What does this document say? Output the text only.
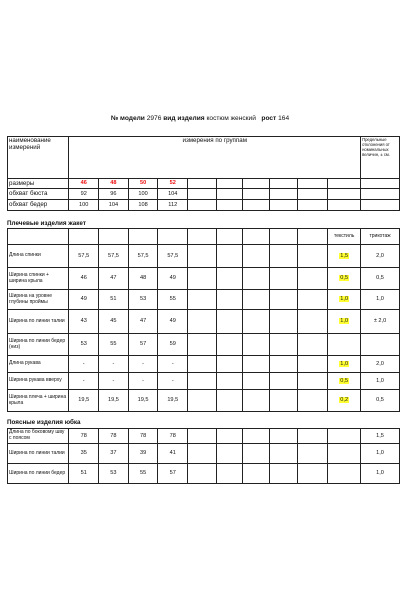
№ модели 2976 вид изделия костюм женский рост 164
наименование измерений	измерения по группам										Предельные отклонения от номинальных величин, ± см.
размеры	46	48	50	52							
обхват бюста	92	96	100	104							
обхват бедер	100	104	108	112							
Плечевые изделия жакет
										текстиль	трикотаж
Длина спинки	57,5	57,5	57,5	57,5						1,5	2,0
Ширина спинки + ширина крыла	46	47	48	49						0,5	0,5
Ширина на уровне глубины проймы	49	51	53	55						1,0	1,0
Ширина по линии талии	43	45	47	49						1,0	± 2,0
Ширина по линии бедер (низ)	53	55	57	59							
Длина рукава	-	-	-	-						1,0	2,0
Ширина рукава вверху	-	-	-	-						0,5	1,0
Ширина плеча + ширина крыла	19,5	19,5	19,5	19,5						0,2	0,5
Поясные изделия юбка
Длина по боковому шву с поясом	78	78	78	78							1,5
Ширина по линии талии	35	37	39	41							1,0
Ширина по линии бедер	51	53	55	57							1,0
